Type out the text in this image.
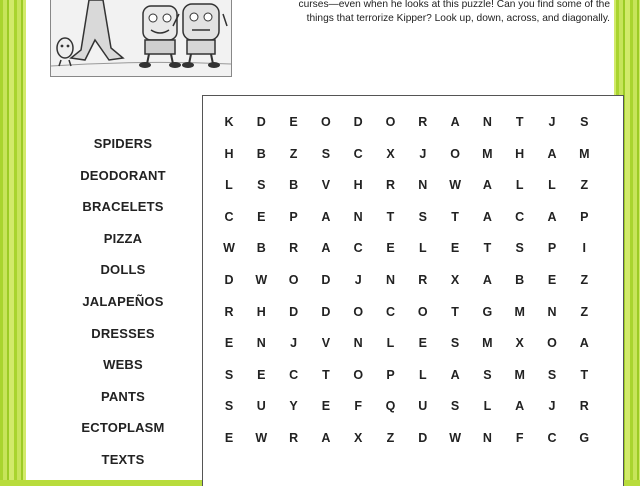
curses—even when he looks at this puzzle! Can you find some of the
things that terrorize Kipper? Look up, down, across, and diagonally.
SPIDERS
DEODORANT
BRACELETS
PIZZA
DOLLS
JALAPEÑOS
DRESSES
WEBS
PANTS
ECTOPLASM
TEXTS
K	D	E	O	D	O	R	A	N	T	J	S
H	B	Z	S	C	X	J	O	M	H	A	M
L	S	B	V	H	R	N	W	A	L	L	Z
C	E	P	A	N	T	S	T	A	C	A	P
W	B	R	A	C	E	L	E	T	S	P	I
D	W	O	D	J	N	R	X	A	B	E	Z
R	H	D	D	O	C	O	T	G	M	N	Z
E	N	J	V	N	L	E	S	M	X	O	A
S	E	C	T	O	P	L	A	S	M	S	T
S	U	Y	E	F	Q	U	S	L	A	J	R
E	W	R	A	X	Z	D	W	N	F	C	G
